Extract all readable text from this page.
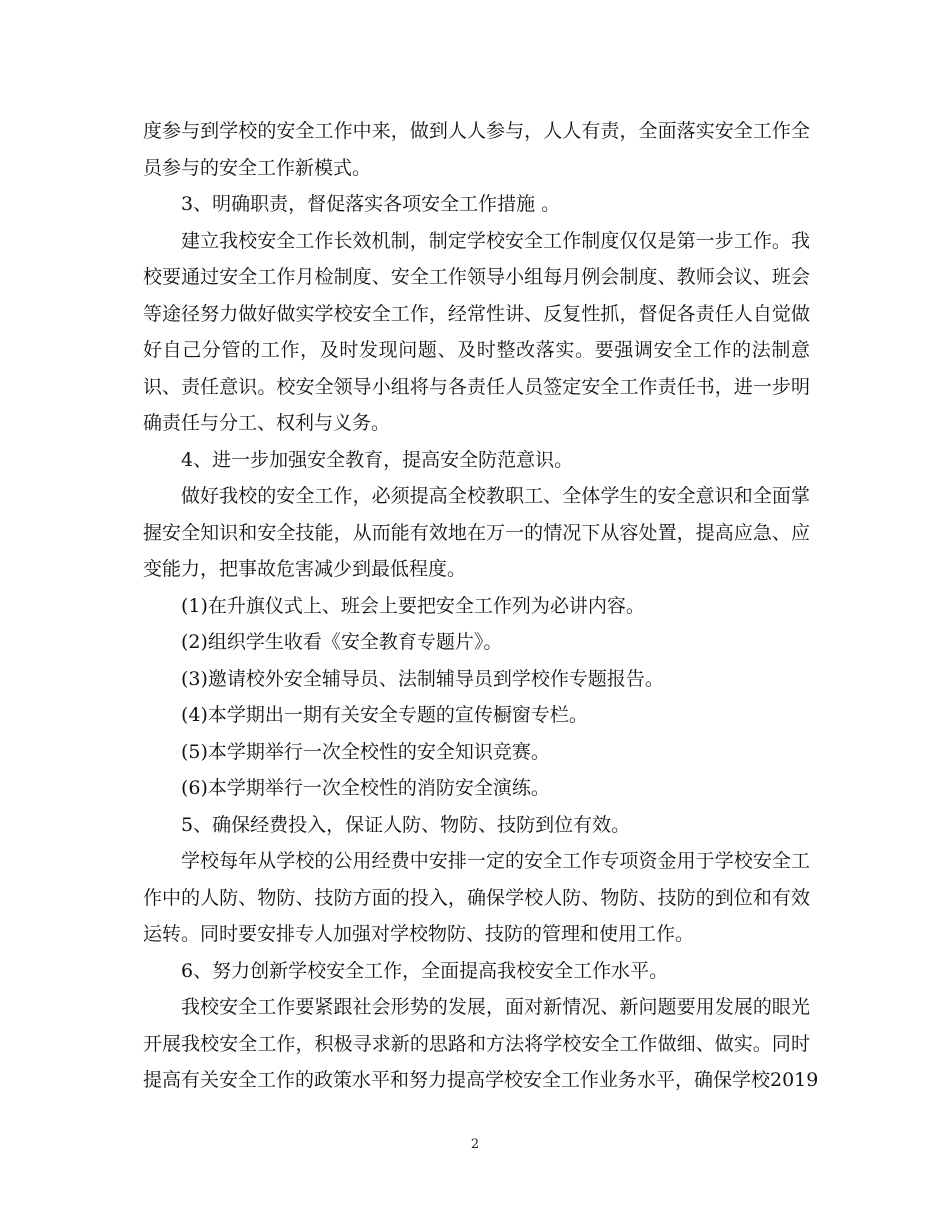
度参与到学校的安全工作中来，做到人人参与，人人有责，全面落实安全工作全
员参与的安全工作新模式。
3、明确职责，督促落实各项安全工作措施 。
建立我校安全工作长效机制，制定学校安全工作制度仅仅是第一步工作。我
校要通过安全工作月检制度、安全工作领导小组每月例会制度、教师会议、班会
等途径努力做好做实学校安全工作，经常性讲、反复性抓，督促各责任人自觉做
好自己分管的工作，及时发现问题、及时整改落实。要强调安全工作的法制意
识、责任意识。校安全领导小组将与各责任人员签定安全工作责任书，进一步明
确责任与分工、权利与义务。
4、进一步加强安全教育，提高安全防范意识。
做好我校的安全工作，必须提高全校教职工、全体学生的安全意识和全面掌
握安全知识和安全技能，从而能有效地在万一的情况下从容处置，提高应急、应
变能力，把事故危害减少到最低程度。
(1)在升旗仪式上、班会上要把安全工作列为必讲内容。
(2)组织学生收看《安全教育专题片》。
(3)邀请校外安全辅导员、法制辅导员到学校作专题报告。
(4)本学期出一期有关安全专题的宣传橱窗专栏。
(5)本学期举行一次全校性的安全知识竞赛。
(6)本学期举行一次全校性的消防安全演练。
5、确保经费投入，保证人防、物防、技防到位有效。
学校每年从学校的公用经费中安排一定的安全工作专项资金用于学校安全工
作中的人防、物防、技防方面的投入，确保学校人防、物防、技防的到位和有效
运转。同时要安排专人加强对学校物防、技防的管理和使用工作。
6、努力创新学校安全工作，全面提高我校安全工作水平。
我校安全工作要紧跟社会形势的发展，面对新情况、新问题要用发展的眼光
开展我校安全工作，积极寻求新的思路和方法将学校安全工作做细、做实。同时
提高有关安全工作的政策水平和努力提高学校安全工作业务水平，确保学校2019
2
